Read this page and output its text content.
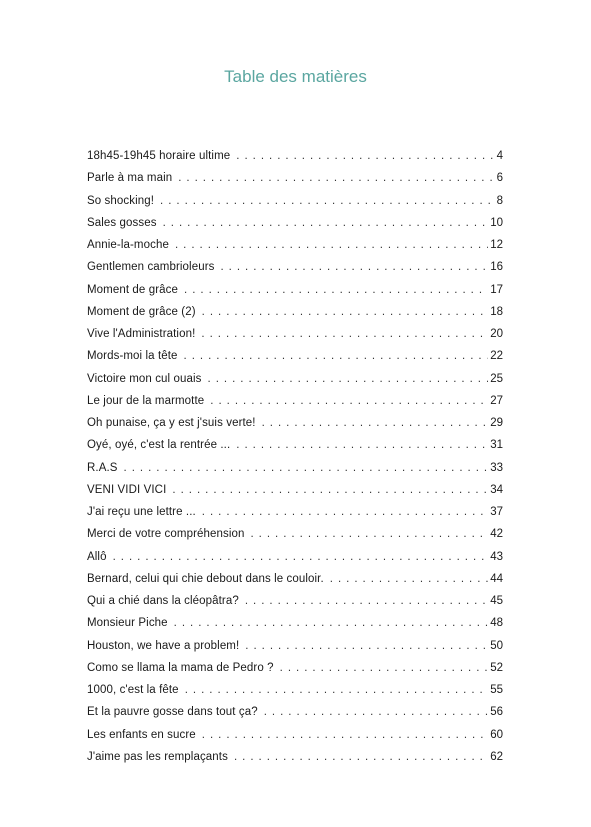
Table des matières
18h45-19h45 horaire ultime . . .	4
Parle à ma main . . .	6
So shocking! . . .	8
Sales gosses . . .	10
Annie-la-moche . . .	12
Gentlemen cambrioleurs . . .	16
Moment de grâce . . .	17
Moment de grâce (2) . . .	18
Vive l'Administration! . . .	20
Mords-moi la tête . . .	22
Victoire mon cul ouais . . .	25
Le jour de la marmotte . . .	27
Oh punaise, ça y est j'suis verte! . . .	29
Oyé, oyé, c'est la rentrée ... . . .	31
R.A.S . . .	33
VENI VIDI VICI . . .	34
J'ai reçu une lettre ... . . .	37
Merci de votre compréhension . . .	42
Allô . . .	43
Bernard, celui qui chie debout dans le couloir. . . .	44
Qui a chié dans la cléopâtra? . . .	45
Monsieur Piche . . .	48
Houston, we have a problem! . . .	50
Como se llama la mama de Pedro ? . . .	52
1000, c'est la fête . . .	55
Et la pauvre gosse dans tout ça? . . .	56
Les enfants en sucre . . .	60
J'aime pas les remplaçants . . .	62
